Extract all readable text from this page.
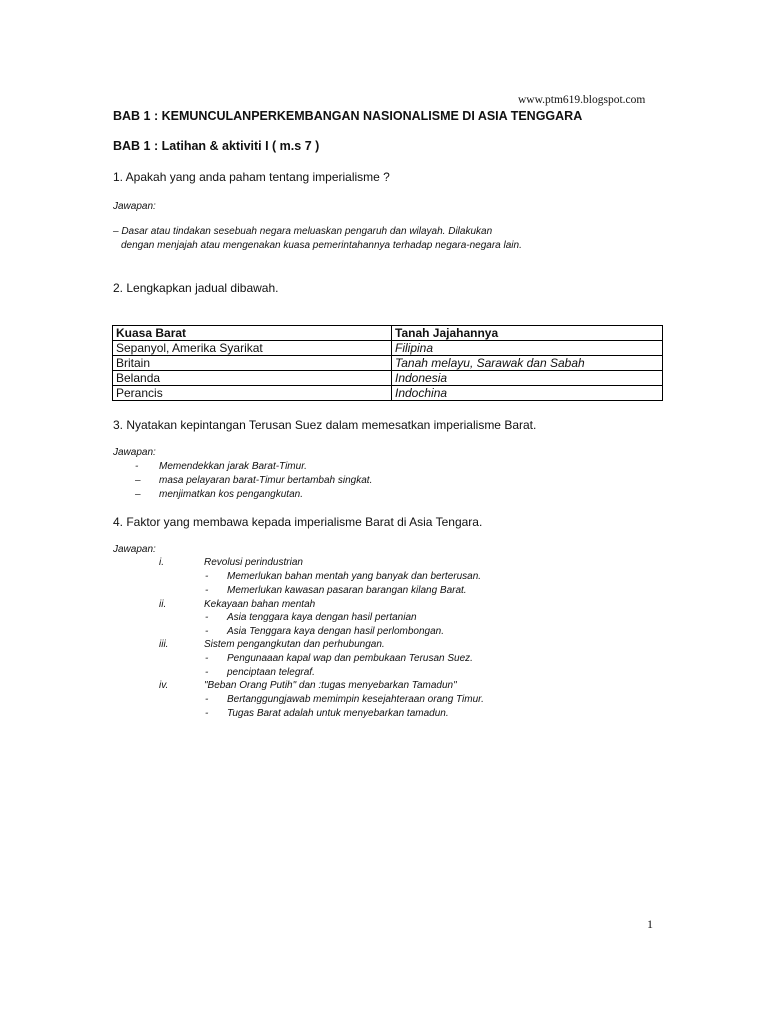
www.ptm619.blogspot.com
BAB 1 : KEMUNCULANPERKEMBANGAN NASIONALISME DI ASIA TENGGARA
BAB 1 : Latihan & aktiviti I ( m.s 7 )
1. Apakah yang anda paham tentang imperialisme ?
Jawapan:
– Dasar atau tindakan sesebuah negara meluaskan pengaruh dan wilayah. Dilakukan
dengan menjajah atau mengenakan kuasa pemerintahannya terhadap negara-negara lain.
2. Lengkapkan jadual dibawah.
Kuasa Barat	Tanah Jajahannya
Sepanyol, Amerika Syarikat	Filipina
Britain	Tanah melayu, Sarawak dan Sabah
Belanda	Indonesia
Perancis	Indochina
3. Nyatakan kepintangan Terusan Suez dalam memesatkan imperialisme Barat.
Jawapan:
- Memendekkan jarak Barat-Timur.
– masa pelayaran barat-Timur bertambah singkat.
– menjimatkan kos pengangkutan.
4. Faktor yang membawa kepada imperialisme Barat di Asia Tengara.
Jawapan:
i.	Revolusi perindustrian
- Memerlukan bahan mentah yang banyak dan berterusan.
- Memerlukan kawasan pasaran barangan kilang Barat.
ii.	Kekayaan bahan mentah
- Asia tenggara kaya dengan hasil pertanian
- Asia Tenggara kaya dengan hasil perlombongan.
iii.	Sistem pengangkutan dan perhubungan.
- Pengunaaan kapal wap dan pembukaan Terusan Suez.
- penciptaan telegraf.
iv.	"Beban Orang Putih" dan :tugas menyebarkan Tamadun"
- Bertanggungjawab memimpin kesejahteraan orang Timur.
- Tugas Barat adalah untuk menyebarkan tamadun.
1
